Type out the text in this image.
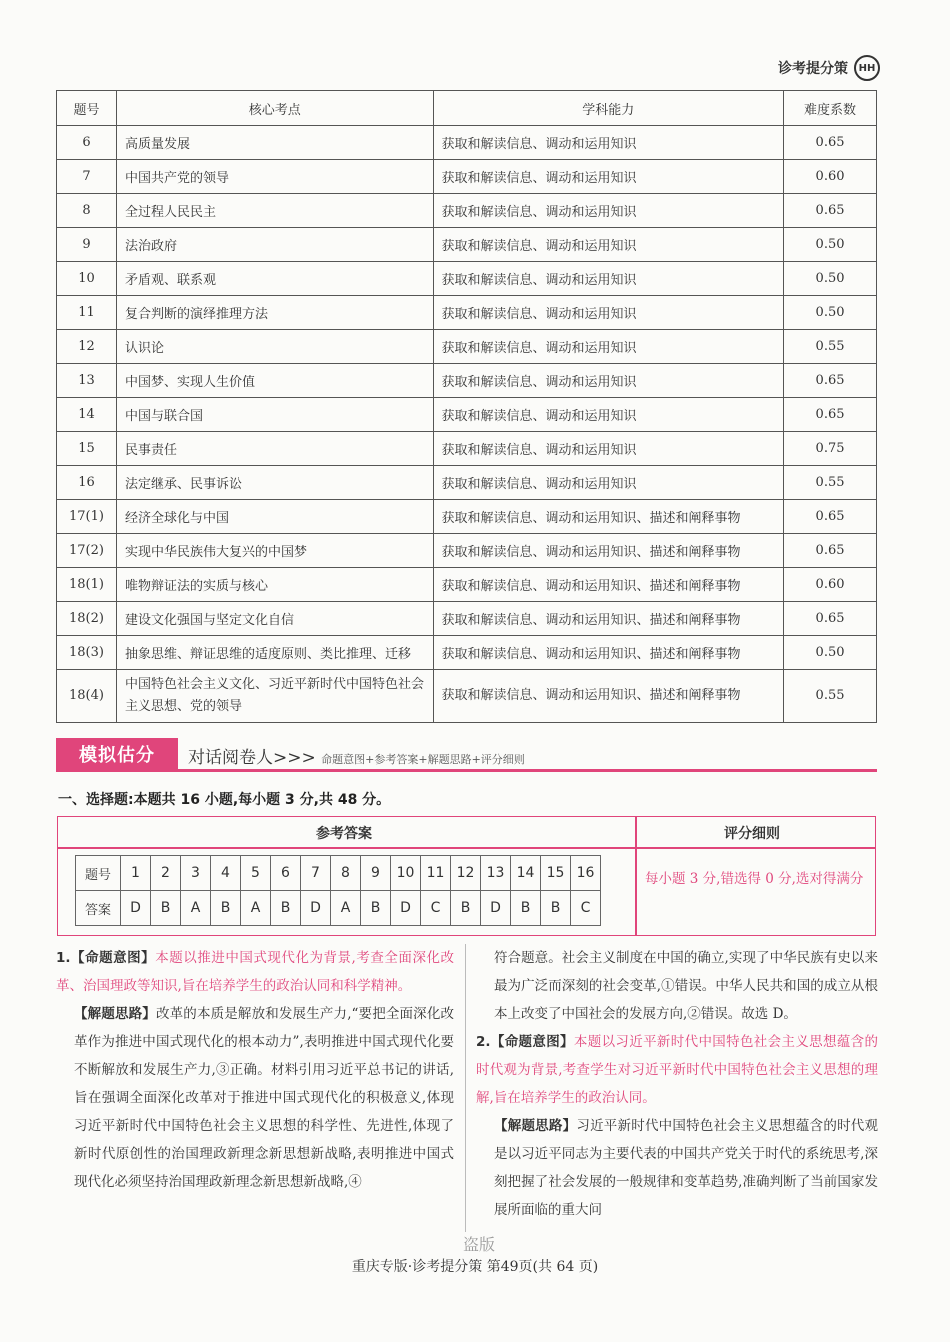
诊考提分策	HH
题号	核心考点	学科能力	难度系数
6	高质量发展	获取和解读信息、调动和运用知识	0.65
7	中国共产党的领导	获取和解读信息、调动和运用知识	0.60
8	全过程人民民主	获取和解读信息、调动和运用知识	0.65
9	法治政府	获取和解读信息、调动和运用知识	0.50
10	矛盾观、联系观	获取和解读信息、调动和运用知识	0.50
11	复合判断的演绎推理方法	获取和解读信息、调动和运用知识	0.50
12	认识论	获取和解读信息、调动和运用知识	0.55
13	中国梦、实现人生价值	获取和解读信息、调动和运用知识	0.65
14	中国与联合国	获取和解读信息、调动和运用知识	0.65
15	民事责任	获取和解读信息、调动和运用知识	0.75
16	法定继承、民事诉讼	获取和解读信息、调动和运用知识	0.55
17(1)	经济全球化与中国	获取和解读信息、调动和运用知识、描述和阐释事物	0.65
17(2)	实现中华民族伟大复兴的中国梦	获取和解读信息、调动和运用知识、描述和阐释事物	0.65
18(1)	唯物辩证法的实质与核心	获取和解读信息、调动和运用知识、描述和阐释事物	0.60
18(2)	建设文化强国与坚定文化自信	获取和解读信息、调动和运用知识、描述和阐释事物	0.65
18(3)	抽象思维、辩证思维的适度原则、类比推理、迁移	获取和解读信息、调动和运用知识、描述和阐释事物	0.50
18(4)	中国特色社会主义文化、习近平新时代中国特色社会主义思想、党的领导	获取和解读信息、调动和运用知识、描述和阐释事物	0.55
模拟估分	对话阅卷人>>> 命题意图+参考答案+解题思路+评分细则
一、选择题:本题共 16 小题,每小题 3 分,共 48 分。
参考答案	评分细则
题号	1	2	3	4	5	6	7	8	9	10	11	12	13	14	15	16
答案	D	B	A	B	A	B	D	A	B	D	C	B	D	B	B	C
每小题 3 分,错选得 0 分,选对得满分

1.【命题意图】本题以推进中国式现代化为背景,考查全面深化改革、治国理政等知识,旨在培养学生的政治认同和科学精神。

【解题思路】改革的本质是解放和发展生产力,“要把全面深化改革作为推进中国式现代化的根本动力”,表明推进中国式现代化要不断解放和发展生产力,③正确。材料引用习近平总书记的讲话,旨在强调全面深化改革对于推进中国式现代化的积极意义,体现习近平新时代中国特色社会主义思想的科学性、先进性,体现了新时代原创性的治国理政新理念新思想新战略,表明推进中国式现代化必须坚持治国理政新理念新思想新战略,④

符合题意。社会主义制度在中国的确立,实现了中华民族有史以来最为广泛而深刻的社会变革,①错误。中华人民共和国的成立从根本上改变了中国社会的发展方向,②错误。故选 D。

2.【命题意图】本题以习近平新时代中国特色社会主义思想蕴含的时代观为背景,考查学生对习近平新时代中国特色社会主义思想的理解,旨在培养学生的政治认同。

【解题思路】习近平新时代中国特色社会主义思想蕴含的时代观是以习近平同志为主要代表的中国共产党关于时代的系统思考,深刻把握了社会发展的一般规律和变革趋势,准确判断了当前国家发展所面临的重大问

盗版
重庆专版·诊考提分策 第49页(共 64 页)
